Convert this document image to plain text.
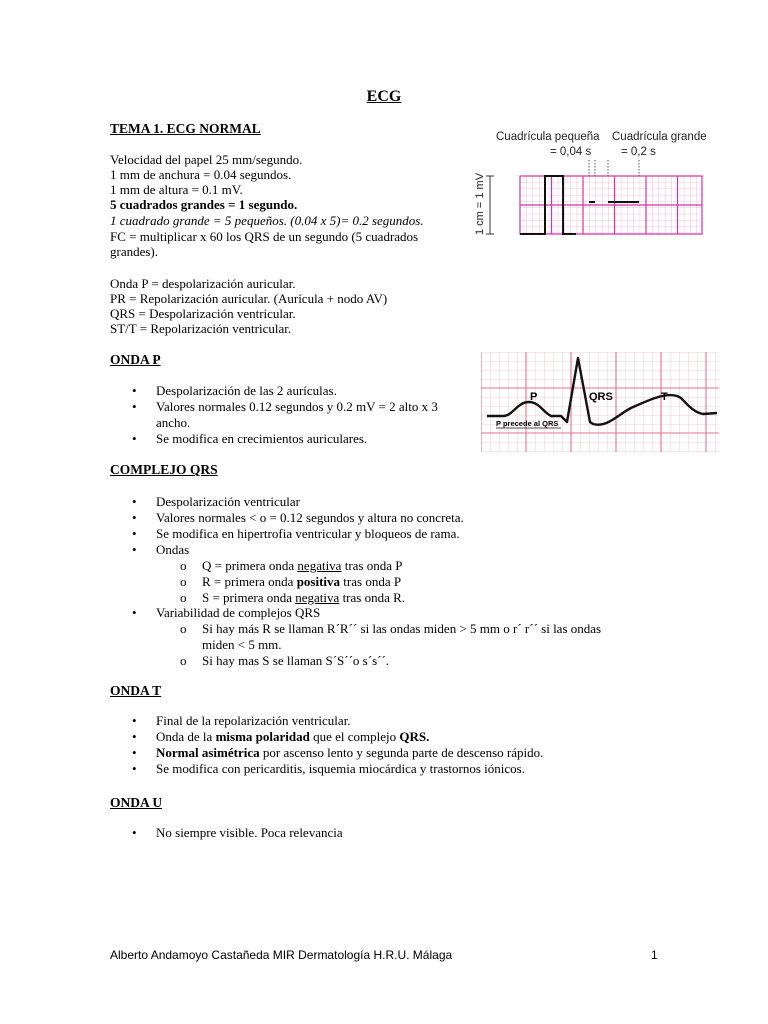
ECG
TEMA 1. ECG NORMAL
Velocidad del papel 25 mm/segundo.
1 mm de anchura = 0.04 segundos.
1 mm de altura = 0.1 mV.
5 cuadrados grandes = 1 segundo.
1 cuadrado grande = 5 pequeños. (0.04 x 5)= 0.2 segundos.
FC = multiplicar x 60 los QRS de un segundo (5 cuadrados
grandes).
Onda P = despolarización auricular.
PR = Repolarización auricular. (Aurícula + nodo AV)
QRS = Despolarización ventricular.
ST/T = Repolarización ventricular.
Cuadrícula pequeña
= 0,04 s
Cuadrícula grande
= 0,2 s
1 cm = 1 mV
P	QRS	T
P precede al QRS
ONDA P
• Despolarización de las 2 aurículas.
• Valores normales 0.12 segundos y 0.2 mV = 2 alto x 3
ancho.
• Se modifica en crecimientos auriculares.
COMPLEJO QRS
• Despolarización ventricular
• Valores normales < o = 0.12 segundos y altura no concreta.
• Se modifica en hipertrofia ventricular y bloqueos de rama.
• Ondas
o Q = primera onda negativa tras onda P
o R = primera onda positiva tras onda P
o S = primera onda negativa tras onda R.
• Variabilidad de complejos QRS
o Si hay más R se llaman R´R´´ si las ondas miden > 5 mm o r´ r´´ si las ondas
miden < 5 mm.
o Si hay mas S se llaman S´S´´o s´s´´.
ONDA T
• Final de la repolarización ventricular.
• Onda de la misma polaridad que el complejo QRS.
• Normal asimétrica por ascenso lento y segunda parte de descenso rápido.
• Se modifica con pericarditis, isquemia miocárdica y trastornos iónicos.
ONDA U
• No siempre visible. Poca relevancia
Alberto Andamoyo Castañeda MIR Dermatología H.R.U. Málaga	1
